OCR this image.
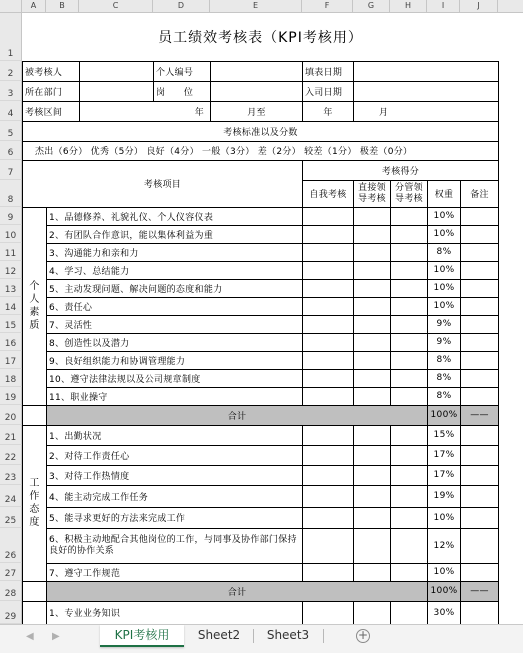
A	B	C	D	E	F	G	H	I	J
1
2
3
4
5
6
7
8
9
10
11
12
13
14
15
16
17
18
19
20
21
22
23
24
25
26
27
28
29
员工绩效考核表（KPI考核用）									
被考核人			个人编号		填表日期				
所在部门			岗　　位		入司日期				
考核区间		年		月至	年	月			
考核标准以及分数									
杰出（6分） 优秀（5分） 良好（4分） 一般（3分） 差（2分） 较差（1分） 极差（0分）									
考核项目					考核得分				
					自我考核	直接领导考核	分管领导考核	权重	备注
个人素质	1、品德修养、礼貌礼仪、个人仪容仪表							10%	
	2、有团队合作意识，能以集体利益为重							10%	
	3、沟通能力和亲和力							8%	
	4、学习、总结能力							10%	
	5、主动发现问题、解决问题的态度和能力							10%	
	6、责任心							10%	
	7、灵活性							9%	
	8、创造性以及潜力							9%	
	9、良好组织能力和协调管理能力							8%	
	10、遵守法律法规以及公司规章制度							8%	
	11、职业操守							8%	
	合计							100%	——
工作态度	1、出勤状况							15%	
	2、对待工作责任心							17%	
	3、对待工作热情度							17%	
	4、能主动完成工作任务							19%	
	5、能寻求更好的方法来完成工作							10%	
	6、积极主动地配合其他岗位的工作，与同事及协作部门保持良好的协作关系							12%	
	7、遵守工作规范							10%	
	合计							100%	——
	1、专业业务知识							30%	
◀ ▶	KPI考核用	Sheet2	Sheet3	+
